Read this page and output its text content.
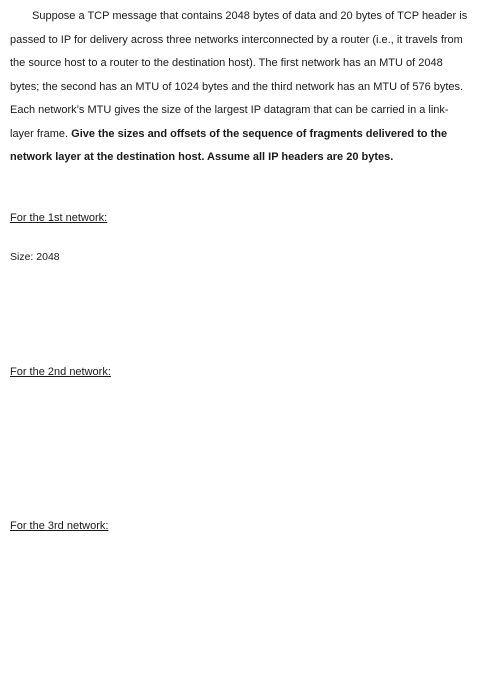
Suppose a TCP message that contains 2048 bytes of data and 20 bytes of TCP header is passed to IP for delivery across three networks interconnected by a router (i.e., it travels from the source host to a router to the destination host). The first network has an MTU of 2048 bytes; the second has an MTU of 1024 bytes and the third network has an MTU of 576 bytes. Each network’s MTU gives the size of the largest IP datagram that can be carried in a link-layer frame. Give the sizes and offsets of the sequence of fragments delivered to the network layer at the destination host. Assume all IP headers are 20 bytes.

For the 1st network:

Size: 2048

For the 2nd network:

For the 3rd network:
